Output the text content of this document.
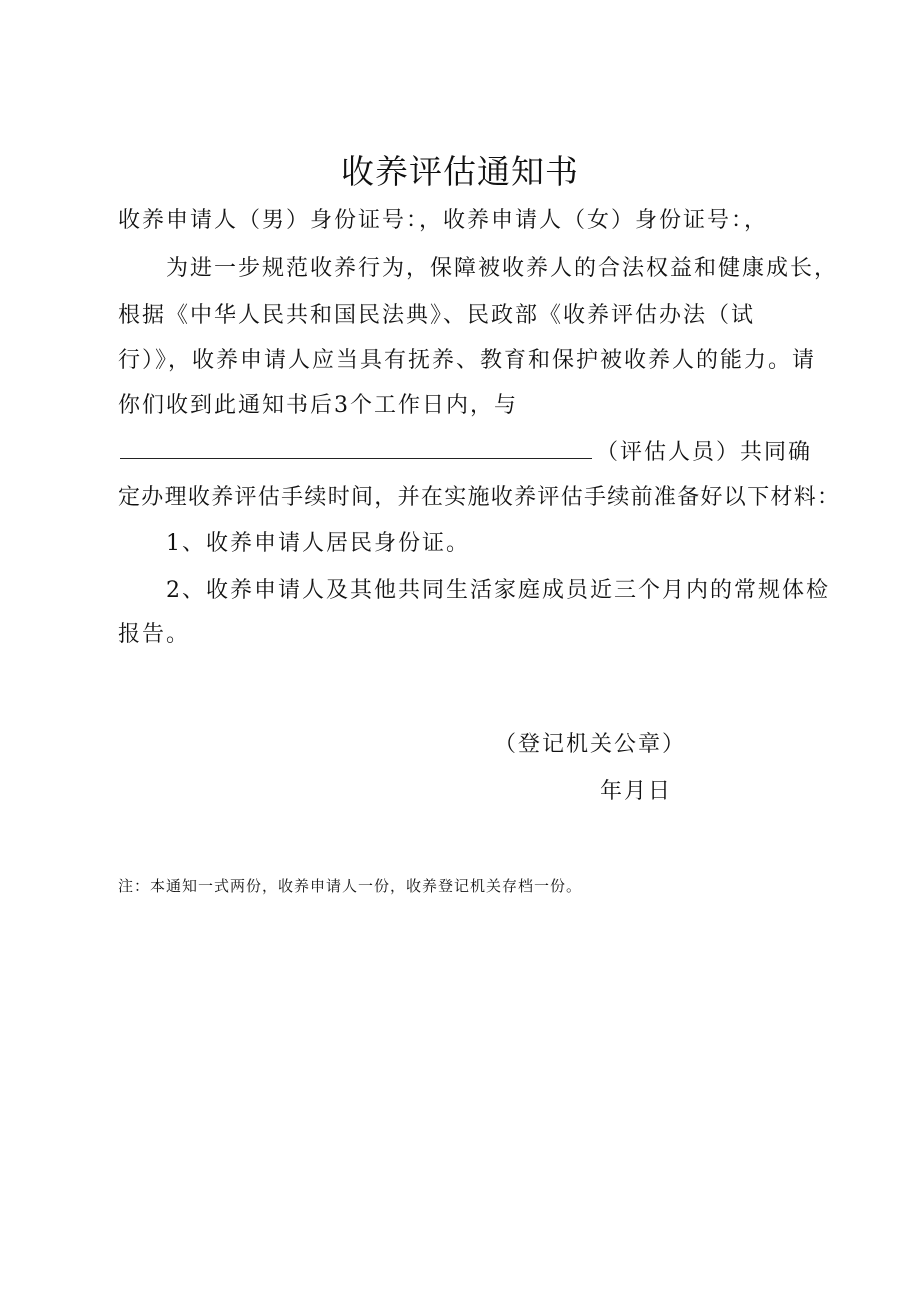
收养评估通知书
收养申请人（男）身份证号：，收养申请人（女）身份证号：，
为进一步规范收养行为，保障被收养人的合法权益和健康成长，
根据《中华人民共和国民法典》、民政部《收养评估办法（试
行）》，收养申请人应当具有抚养、教育和保护被收养人的能力。请
你们收到此通知书后3个工作日内，与
（评估人员）共同确
定办理收养评估手续时间，并在实施收养评估手续前准备好以下材料：
1、收养申请人居民身份证。
2、收养申请人及其他共同生活家庭成员近三个月内的常规体检
报告。
（登记机关公章）
年月日
注：本通知一式两份，收养申请人一份，收养登记机关存档一份。
